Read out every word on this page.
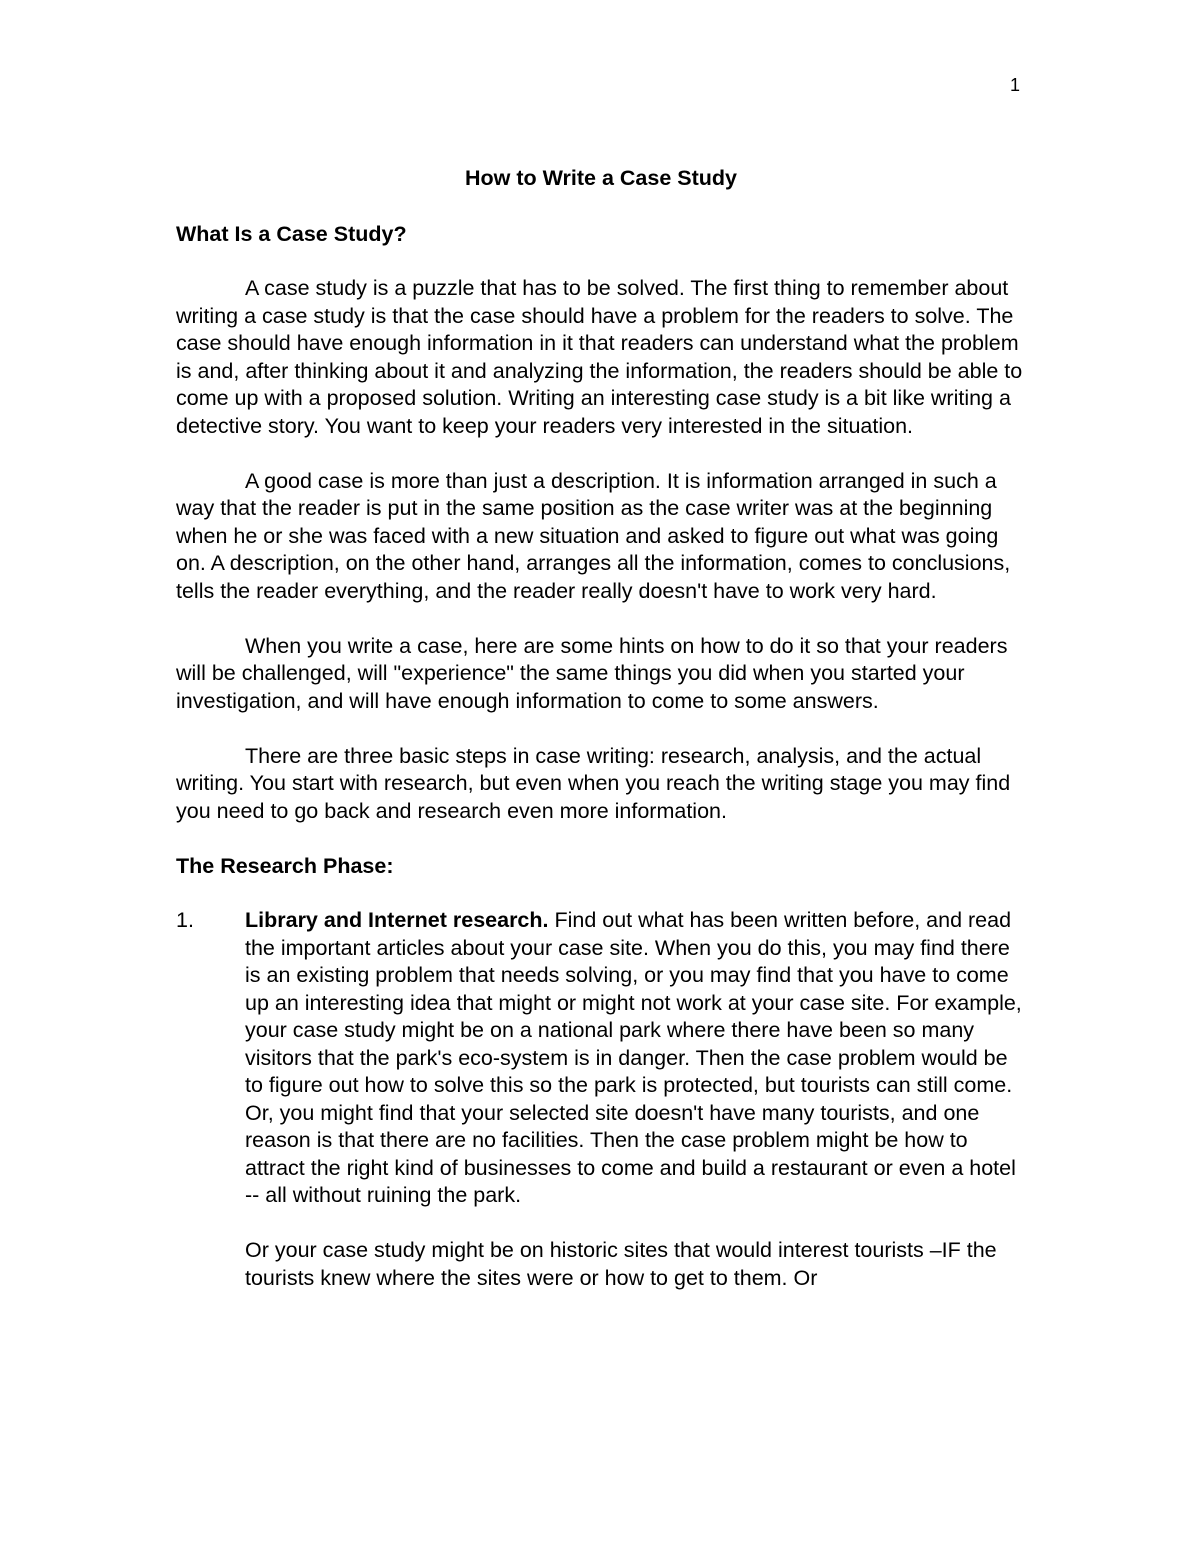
1
How to Write a Case Study
What Is a Case Study?

A case study is a puzzle that has to be solved. The first thing to remember about writing a case study is that the case should have a problem for the readers to solve. The case should have enough information in it that readers can understand what the problem is and, after thinking about it and analyzing the information, the readers should be able to come up with a proposed solution. Writing an interesting case study is a bit like writing a detective story. You want to keep your readers very interested in the situation.

A good case is more than just a description. It is information arranged in such a way that the reader is put in the same position as the case writer was at the beginning when he or she was faced with a new situation and asked to figure out what was going on. A description, on the other hand, arranges all the information, comes to conclusions, tells the reader everything, and the reader really doesn't have to work very hard.

When you write a case, here are some hints on how to do it so that your readers will be challenged, will "experience" the same things you did when you started your investigation, and will have enough information to come to some answers.

There are three basic steps in case writing: research, analysis, and the actual writing. You start with research, but even when you reach the writing stage you may find you need to go back and research even more information.

The Research Phase:
1. Library and Internet research. Find out what has been written before, and read the important articles about your case site. When you do this, you may find there is an existing problem that needs solving, or you may find that you have to come up an interesting idea that might or might not work at your case site. For example, your case study might be on a national park where there have been so many visitors that the park's eco-system is in danger. Then the case problem would be to figure out how to solve this so the park is protected, but tourists can still come. Or, you might find that your selected site doesn't have many tourists, and one reason is that there are no facilities. Then the case problem might be how to attract the right kind of businesses to come and build a restaurant or even a hotel -- all without ruining the park.

Or your case study might be on historic sites that would interest tourists –IF the tourists knew where the sites were or how to get to them. Or
